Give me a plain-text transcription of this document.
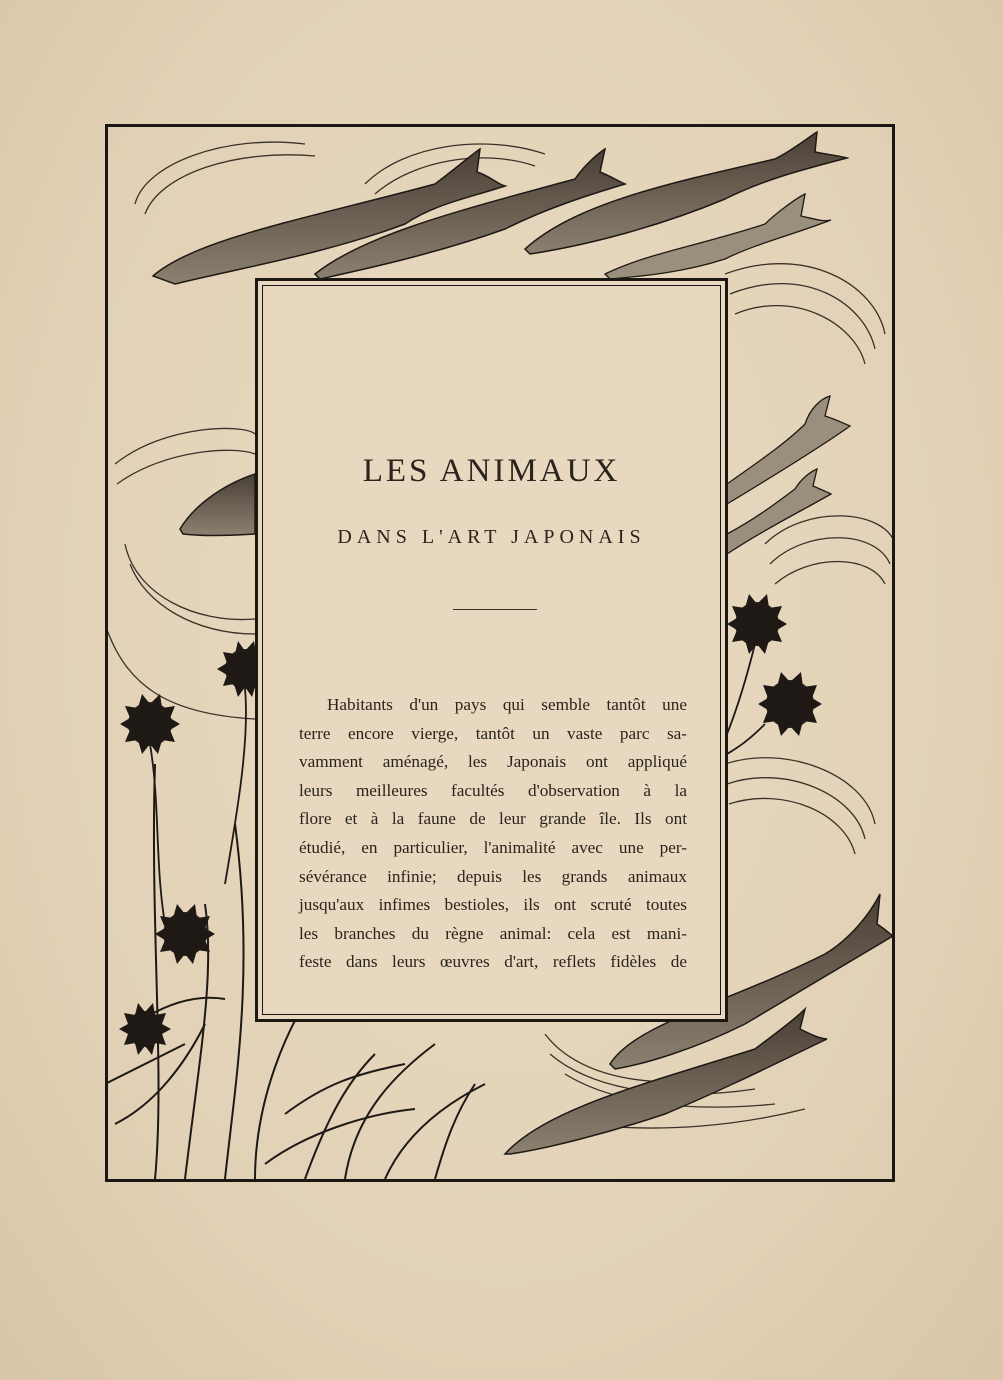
LES ANIMAUX
DANS L'ART JAPONAIS

Habitants d'un pays qui semble tantôt une
terre encore vierge, tantôt un vaste parc sa-
vamment aménagé, les Japonais ont appliqué
leurs meilleures facultés d'observation à la
flore et à la faune de leur grande île. Ils ont
étudié, en particulier, l'animalité avec une per-
sévérance infinie; depuis les grands animaux
jusqu'aux infimes bestioles, ils ont scruté toutes
les branches du règne animal: cela est mani-
feste dans leurs œuvres d'art, reflets fidèles de
